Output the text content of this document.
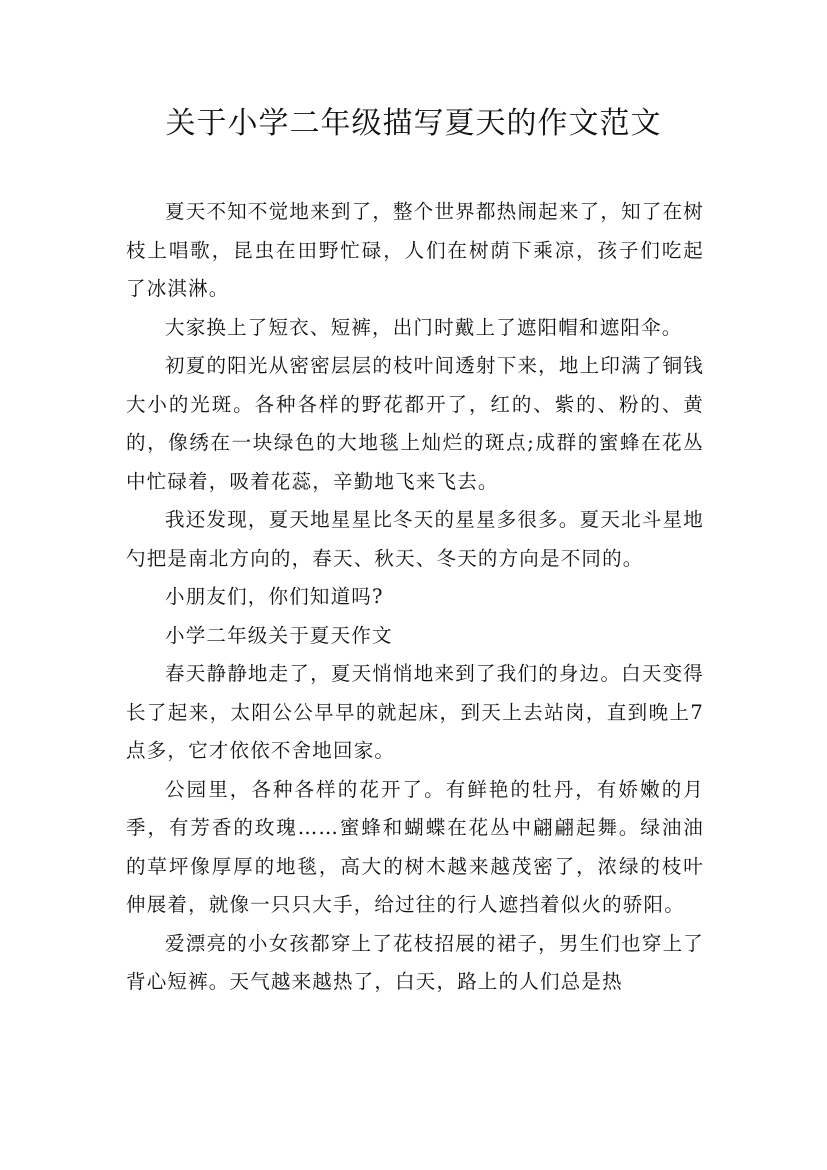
关于小学二年级描写夏天的作文范文

夏天不知不觉地来到了，整个世界都热闹起来了，知了在树枝上唱歌，昆虫在田野忙碌，人们在树荫下乘凉，孩子们吃起了冰淇淋。

大家换上了短衣、短裤，出门时戴上了遮阳帽和遮阳伞。

初夏的阳光从密密层层的枝叶间透射下来，地上印满了铜钱大小的光斑。各种各样的野花都开了，红的、紫的、粉的、黄的，像绣在一块绿色的大地毯上灿烂的斑点;成群的蜜蜂在花丛中忙碌着，吸着花蕊，辛勤地飞来飞去。

我还发现，夏天地星星比冬天的星星多很多。夏天北斗星地勺把是南北方向的，春天、秋天、冬天的方向是不同的。

小朋友们，你们知道吗?

小学二年级关于夏天作文

春天静静地走了，夏天悄悄地来到了我们的身边。白天变得长了起来，太阳公公早早的就起床，到天上去站岗，直到晚上7点多，它才依依不舍地回家。

公园里，各种各样的花开了。有鲜艳的牡丹，有娇嫩的月季，有芳香的玫瑰……蜜蜂和蝴蝶在花丛中翩翩起舞。绿油油的草坪像厚厚的地毯，高大的树木越来越茂密了，浓绿的枝叶伸展着，就像一只只大手，给过往的行人遮挡着似火的骄阳。

爱漂亮的小女孩都穿上了花枝招展的裙子，男生们也穿上了背心短裤。天气越来越热了，白天，路上的人们总是热
